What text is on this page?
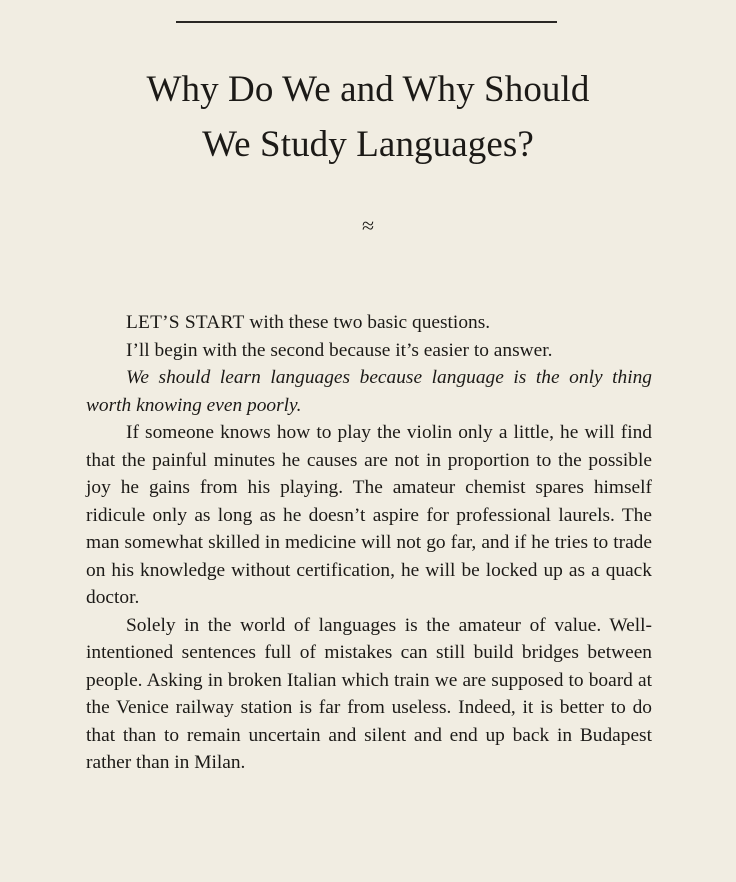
Why Do We and Why Should
We Study Languages?
≈

LET’S START with these two basic questions.

I’ll begin with the second because it’s easier to answer.

We should learn languages because language is the only thing worth knowing even poorly.

If someone knows how to play the violin only a little, he will find that the painful minutes he causes are not in proportion to the possible joy he gains from his playing. The amateur chemist spares himself ridicule only as long as he doesn’t aspire for professional laurels. The man somewhat skilled in medicine will not go far, and if he tries to trade on his knowledge without certification, he will be locked up as a quack doctor.

Solely in the world of languages is the amateur of value. Well-intentioned sentences full of mistakes can still build bridges between people. Asking in broken Italian which train we are supposed to board at the Venice railway station is far from useless. Indeed, it is better to do that than to remain uncertain and silent and end up back in Budapest rather than in Milan.
